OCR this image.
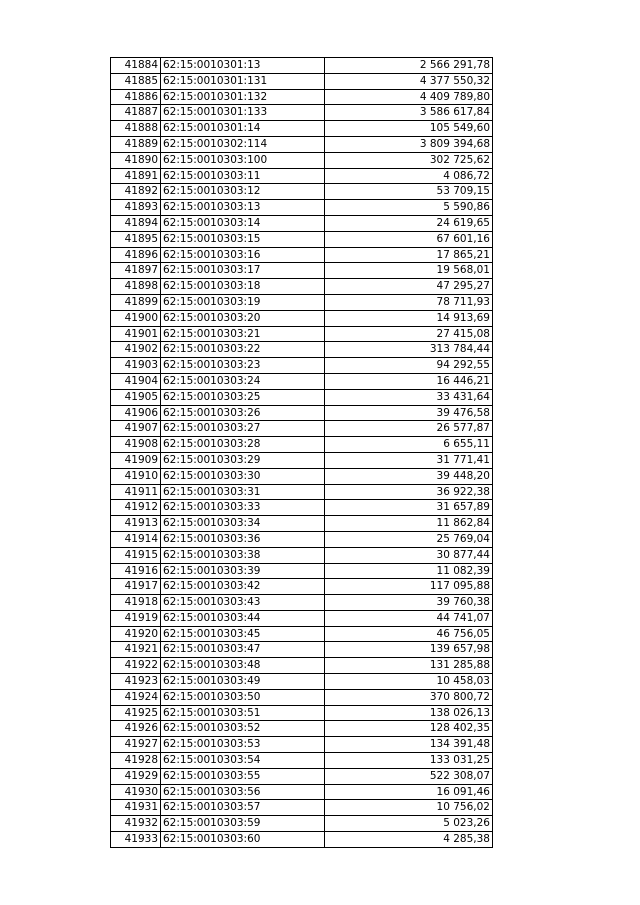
41884	62:15:0010301:13	2 566 291,78
41885	62:15:0010301:131	4 377 550,32
41886	62:15:0010301:132	4 409 789,80
41887	62:15:0010301:133	3 586 617,84
41888	62:15:0010301:14	105 549,60
41889	62:15:0010302:114	3 809 394,68
41890	62:15:0010303:100	302 725,62
41891	62:15:0010303:11	4 086,72
41892	62:15:0010303:12	53 709,15
41893	62:15:0010303:13	5 590,86
41894	62:15:0010303:14	24 619,65
41895	62:15:0010303:15	67 601,16
41896	62:15:0010303:16	17 865,21
41897	62:15:0010303:17	19 568,01
41898	62:15:0010303:18	47 295,27
41899	62:15:0010303:19	78 711,93
41900	62:15:0010303:20	14 913,69
41901	62:15:0010303:21	27 415,08
41902	62:15:0010303:22	313 784,44
41903	62:15:0010303:23	94 292,55
41904	62:15:0010303:24	16 446,21
41905	62:15:0010303:25	33 431,64
41906	62:15:0010303:26	39 476,58
41907	62:15:0010303:27	26 577,87
41908	62:15:0010303:28	6 655,11
41909	62:15:0010303:29	31 771,41
41910	62:15:0010303:30	39 448,20
41911	62:15:0010303:31	36 922,38
41912	62:15:0010303:33	31 657,89
41913	62:15:0010303:34	11 862,84
41914	62:15:0010303:36	25 769,04
41915	62:15:0010303:38	30 877,44
41916	62:15:0010303:39	11 082,39
41917	62:15:0010303:42	117 095,88
41918	62:15:0010303:43	39 760,38
41919	62:15:0010303:44	44 741,07
41920	62:15:0010303:45	46 756,05
41921	62:15:0010303:47	139 657,98
41922	62:15:0010303:48	131 285,88
41923	62:15:0010303:49	10 458,03
41924	62:15:0010303:50	370 800,72
41925	62:15:0010303:51	138 026,13
41926	62:15:0010303:52	128 402,35
41927	62:15:0010303:53	134 391,48
41928	62:15:0010303:54	133 031,25
41929	62:15:0010303:55	522 308,07
41930	62:15:0010303:56	16 091,46
41931	62:15:0010303:57	10 756,02
41932	62:15:0010303:59	5 023,26
41933	62:15:0010303:60	4 285,38
